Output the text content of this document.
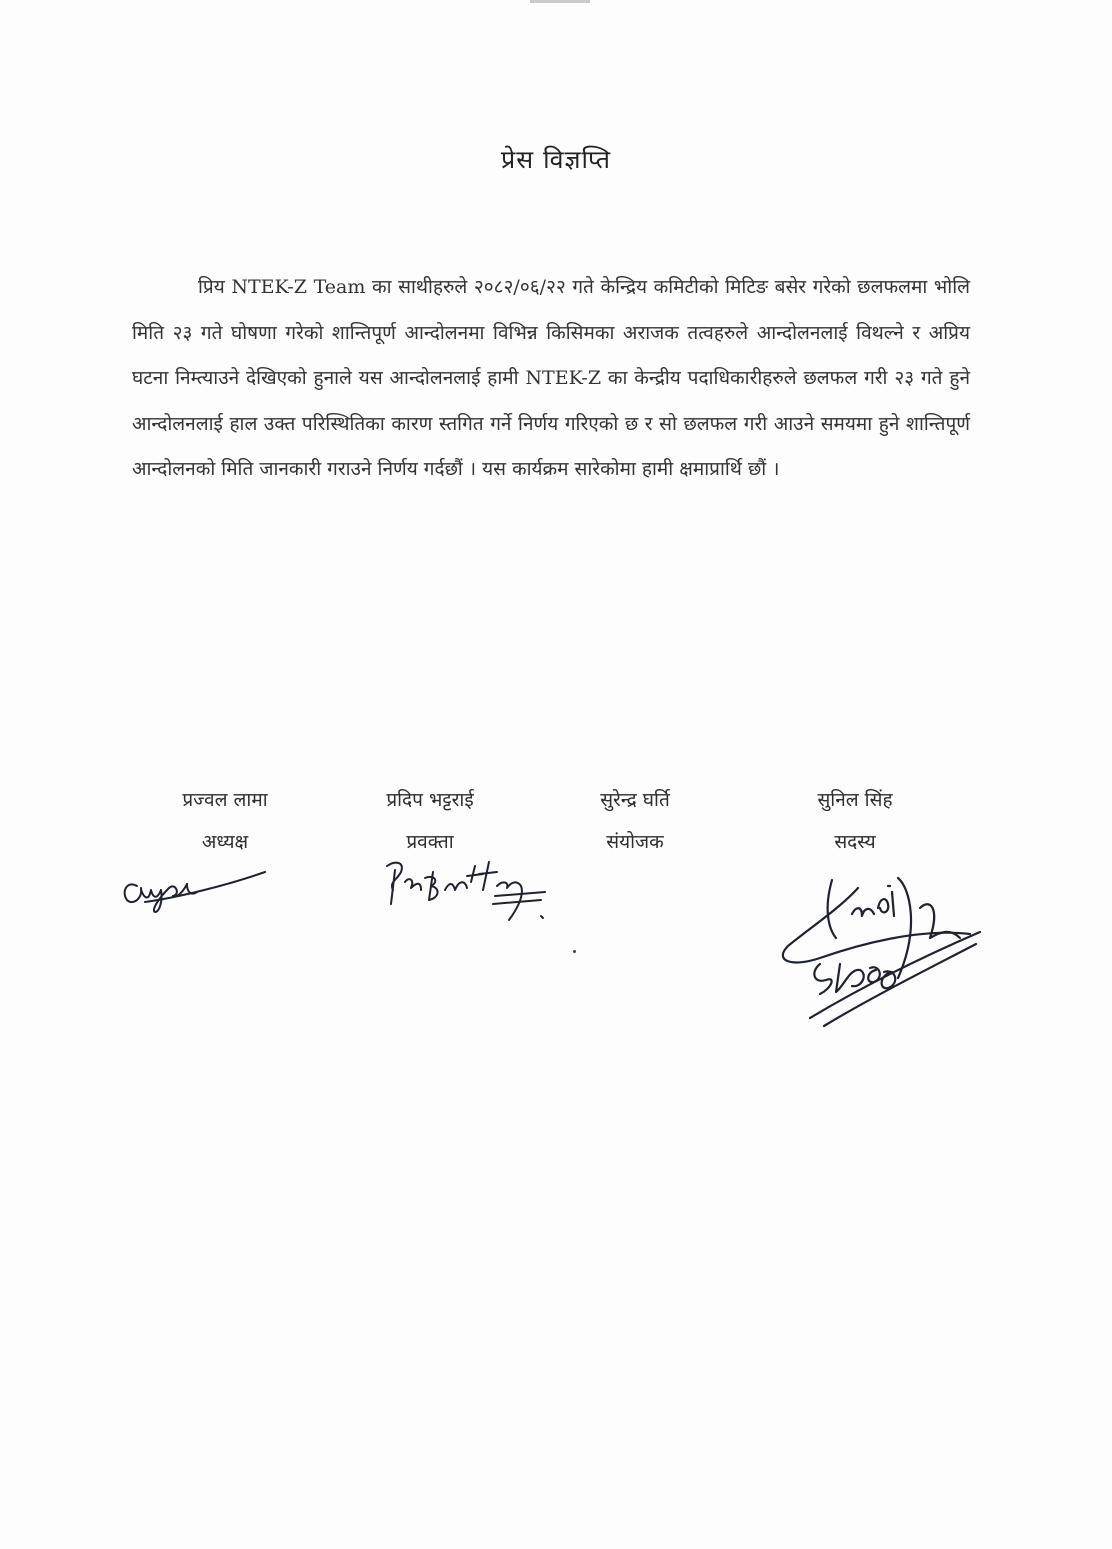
प्रेस विज्ञप्ति

प्रिय NTEK-Z Team का साथीहरुले २०८२/०६/२२ गते केन्द्रिय कमिटीको मिटिङ बसेर गरेको छलफलमा भोलि मिति २३ गते घोषणा गरेको शान्तिपूर्ण आन्दोलनमा विभिन्न किसिमका अराजक तत्वहरुले आन्दोलनलाई विथल्ने र अप्रिय घटना निम्त्याउने देखिएको हुनाले यस आन्दोलनलाई हामी NTEK-Z का केन्द्रीय पदाधिकारीहरुले छलफल गरी २३ गते हुने आन्दोलनलाई हाल उक्त परिस्थितिका कारण स्तगित गर्ने निर्णय गरिएको छ र सो छलफल गरी आउने समयमा हुने शान्तिपूर्ण आन्दोलनको मिति जानकारी गराउने निर्णय गर्दछौं । यस कार्यक्रम सारेकोमा हामी क्षमाप्रार्थि छौं ।

प्रज्वल लामा
अध्यक्ष
प्रदिप भट्टराई
प्रवक्ता
सुरेन्द्र घर्ति
संयोजक
सुनिल सिंह
सदस्य
